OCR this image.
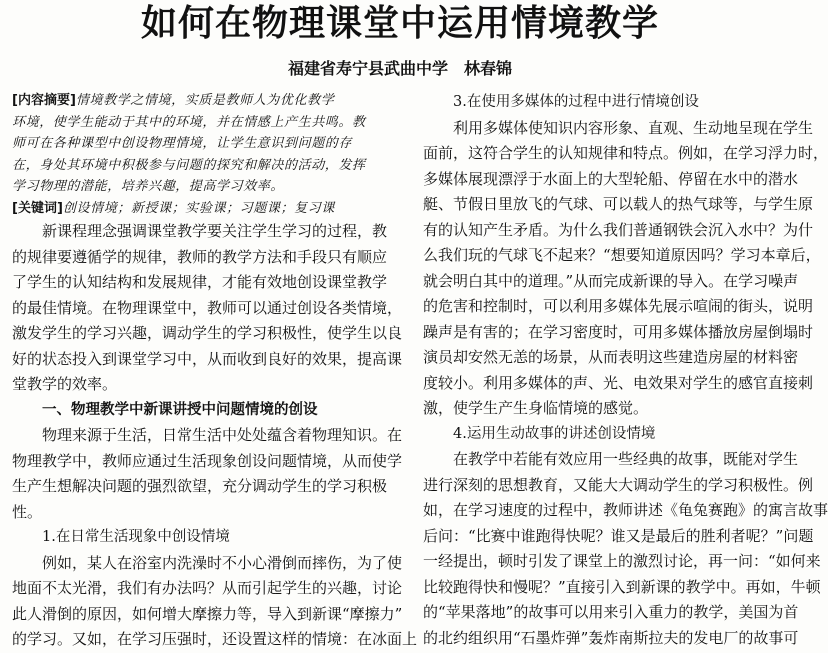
如何在物理课堂中运用情境教学
福建省寿宁县武曲中学　林春锦
[内容摘要]情境教学之情境，实质是教师人为优化教学
环境，使学生能动于其中的环境，并在情感上产生共鸣。教
师可在各种课型中创设物理情境，让学生意识到问题的存
在，身处其环境中积极参与问题的探究和解决的活动，发挥
学习物理的潜能，培养兴趣，提高学习效率。
[关键词]创设情境；新授课；实验课；习题课；复习课
新课程理念强调课堂教学要关注学生学习的过程，教
的规律要遵循学的规律，教师的教学方法和手段只有顺应
了学生的认知结构和发展规律，才能有效地创设课堂教学
的最佳情境。在物理课堂中，教师可以通过创设各类情境，
激发学生的学习兴趣，调动学生的学习积极性，使学生以良
好的状态投入到课堂学习中，从而收到良好的效果，提高课
堂教学的效率。
一、物理教学中新课讲授中问题情境的创设
物理来源于生活，日常生活中处处蕴含着物理知识。在
物理教学中，教师应通过生活现象创设问题情境，从而使学
生产生想解决问题的强烈欲望，充分调动学生的学习积极
性。
1.在日常生活现象中创设情境
例如，某人在浴室内洗澡时不小心滑倒而摔伤，为了使
地面不太光滑，我们有办法吗？从而引起学生的兴趣，讨论
此人滑倒的原因，如何增大摩擦力等，导入到新课“摩擦力”
的学习。又如，在学习压强时，还设置这样的情境：在冰面上
3.在使用多媒体的过程中进行情境创设
利用多媒体使知识内容形象、直观、生动地呈现在学生
面前，这符合学生的认知规律和特点。例如，在学习浮力时，
多媒体展现漂浮于水面上的大型轮船、停留在水中的潜水
艇、节假日里放飞的气球、可以载人的热气球等，与学生原
有的认知产生矛盾。为什么我们普通钢铁会沉入水中？为什
么我们玩的气球飞不起来？“想要知道原因吗？学习本章后，
就会明白其中的道理。”从而完成新课的导入。在学习噪声
的危害和控制时，可以利用多媒体先展示喧闹的街头，说明
躁声是有害的；在学习密度时，可用多媒体播放房屋倒塌时
演员却安然无恙的场景，从而表明这些建造房屋的材料密
度较小。利用多媒体的声、光、电效果对学生的感官直接刺
激，使学生产生身临情境的感觉。
4.运用生动故事的讲述创设情境
在教学中若能有效应用一些经典的故事，既能对学生
进行深刻的思想教育，又能大大调动学生的学习积极性。例
如，在学习速度的过程中，教师讲述《龟兔赛跑》的寓言故事
后问：“比赛中谁跑得快呢？谁又是最后的胜利者呢？”问题
一经提出，顿时引发了课堂上的激烈讨论，再一问：“如何来
比较跑得快和慢呢？”直接引入到新课的教学中。再如，牛顿
的“苹果落地”的故事可以用来引入重力的教学，美国为首
的北约组织用“石墨炸弹”轰炸南斯拉夫的发电厂的故事可
